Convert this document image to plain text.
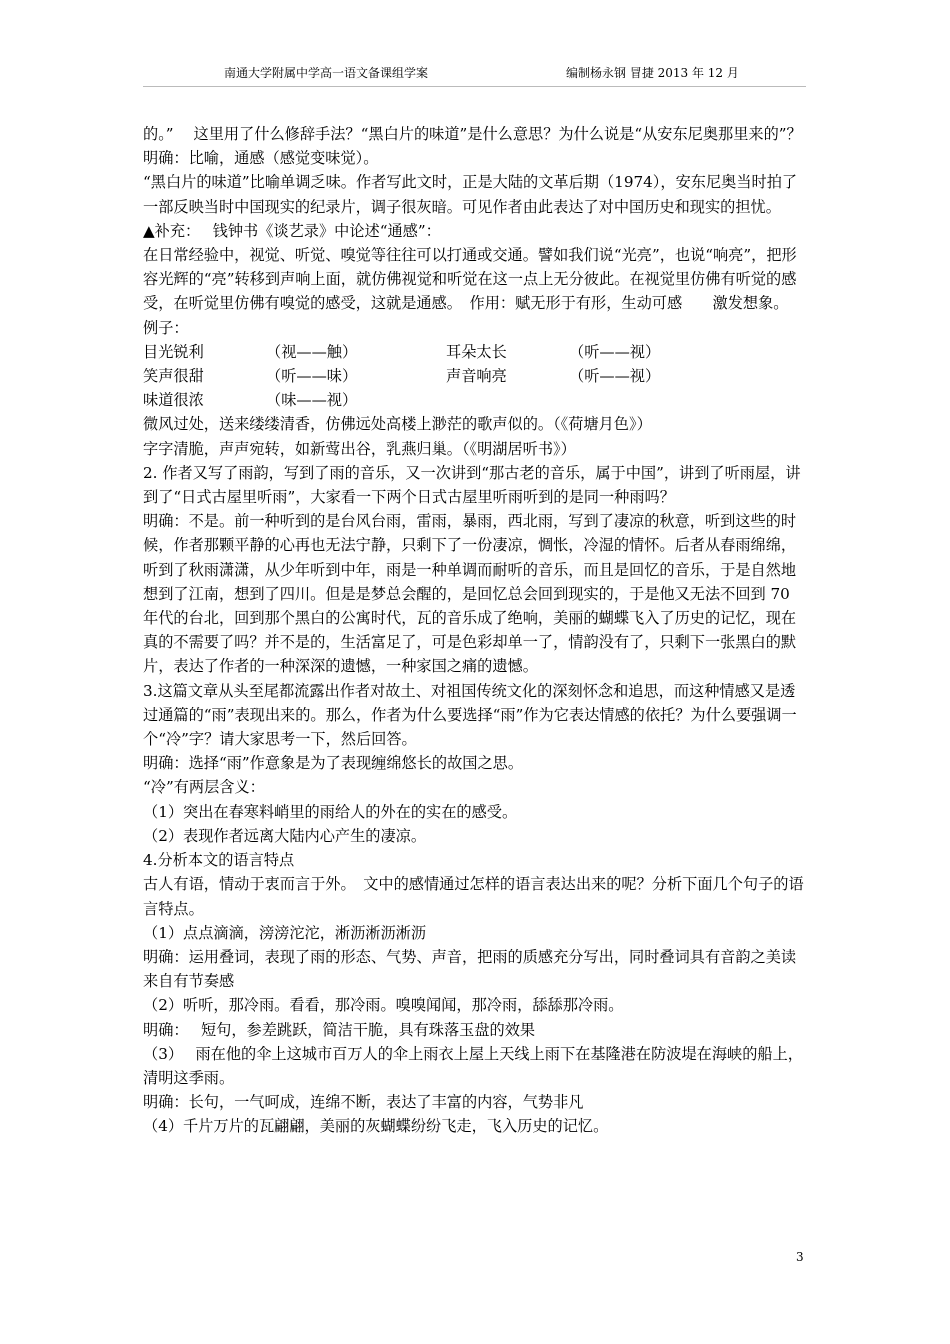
南通大学附属中学高一语文备课组学案	编制杨永钢 冒捷 2013 年 12 月

的。”　 这里用了什么修辞手法？“黑白片的味道”是什么意思？为什么说是“从安东尼奥那里来的”？

明确：比喻，通感（感觉变味觉）。

“黑白片的味道”比喻单调乏味。作者写此文时，正是大陆的文革后期（1974），安东尼奥当时拍了一部反映当时中国现实的纪录片，调子很灰暗。可见作者由此表达了对中国历史和现实的担忧。

▲补充：　 钱钟书《谈艺录》中论述“通感”：

在日常经验中，视觉、听觉、嗅觉等往往可以打通或交通。譬如我们说“光亮”，也说“响亮”，把形容光辉的“亮”转移到声响上面，就仿佛视觉和听觉在这一点上无分彼此。在视觉里仿佛有听觉的感受，在听觉里仿佛有嗅觉的感受，这就是通感。　作用：赋无形于有形，生动可感　　激发想象。　例子：

目光锐利	（视——触）	耳朵太长	（听——视）
笑声很甜	（听——味）	声音响亮	（听——视）
味道很浓	（味——视）

微风过处，送来缕缕清香，仿佛远处高楼上渺茫的歌声似的。（《荷塘月色》）

字字清脆，声声宛转，如新莺出谷，乳燕归巢。（《明湖居听书》）

2. 作者又写了雨韵，写到了雨的音乐，又一次讲到“那古老的音乐，属于中国”，讲到了听雨屋，讲到了“日式古屋里听雨”，大家看一下两个日式古屋里听雨听到的是同一种雨吗？

明确：不是。前一种听到的是台风台雨，雷雨，暴雨，西北雨，写到了凄凉的秋意，听到这些的时候，作者那颗平静的心再也无法宁静，只剩下了一份凄凉，惆怅，冷湿的情怀。后者从春雨绵绵，听到了秋雨潇潇，从少年听到中年，雨是一种单调而耐听的音乐，而且是回忆的音乐，于是自然地想到了江南，想到了四川。但是是梦总会醒的，是回忆总会回到现实的，于是他又无法不回到 70 年代的台北，回到那个黑白的公寓时代，瓦的音乐成了绝响，美丽的蝴蝶飞入了历史的记忆，现在真的不需要了吗？并不是的，生活富足了，可是色彩却单一了，情韵没有了，只剩下一张黑白的默片，表达了作者的一种深深的遗憾，一种家国之痛的遗憾。

3.这篇文章从头至尾都流露出作者对故土、对祖国传统文化的深刻怀念和追思，而这种情感又是透过通篇的“雨”表现出来的。那么，作者为什么要选择“雨”作为它表达情感的依托？为什么要强调一个“冷”字？请大家思考一下，然后回答。

明确：选择“雨”作意象是为了表现缠绵悠长的故国之思。

“冷”有两层含义：

（1）突出在春寒料峭里的雨给人的外在的实在的感受。

（2）表现作者远离大陆内心产生的凄凉。

4.分析本文的语言特点

古人有语，情动于衷而言于外。　文中的感情通过怎样的语言表达出来的呢？分析下面几个句子的语言特点。

（1）点点滴滴，滂滂沱沱，淅沥淅沥淅沥

明确：运用叠词，表现了雨的形态、气势、声音，把雨的质感充分写出，同时叠词具有音韵之美读来自有节奏感

（2）听听，那冷雨。看看，那冷雨。嗅嗅闻闻，那冷雨，舔舔那冷雨。

明确：　 短句，参差跳跃，简洁干脆，具有珠落玉盘的效果

（3）　 雨在他的伞上这城市百万人的伞上雨衣上屋上天线上雨下在基隆港在防波堤在海峡的船上，清明这季雨。

明确：长句，一气呵成，连绵不断，表达了丰富的内容，气势非凡

（4）千片万片的瓦翩翩，美丽的灰蝴蝶纷纷飞走，飞入历史的记忆。

3
